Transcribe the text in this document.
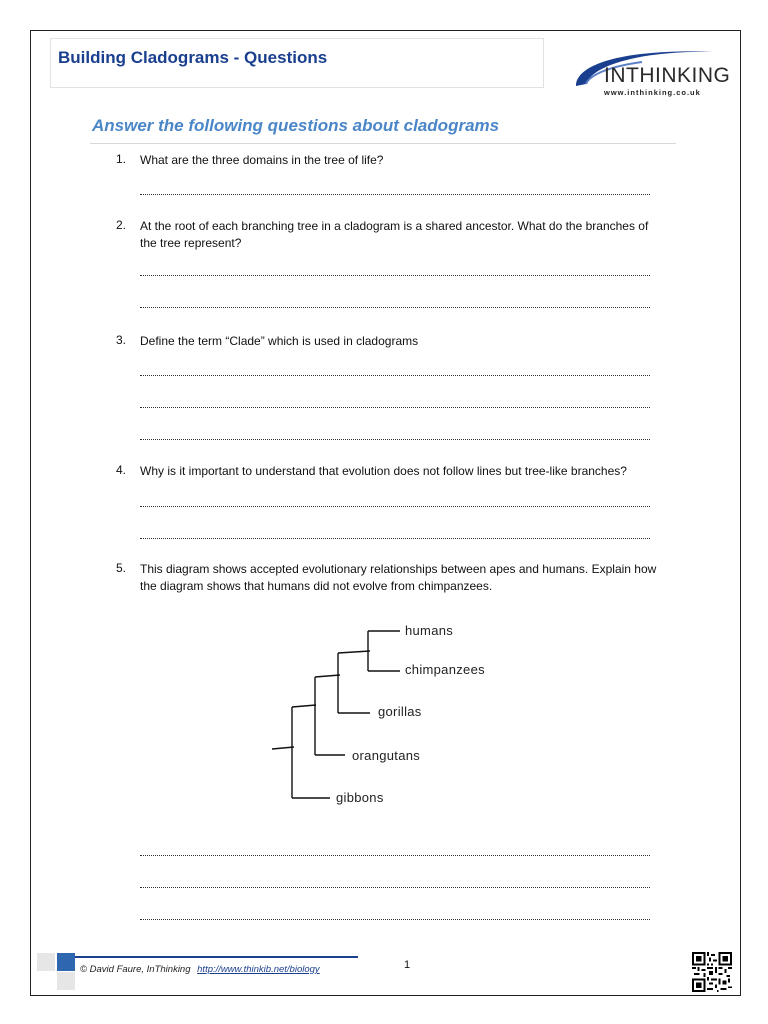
Building Cladograms - Questions
INTHINKING
www.inthinking.co.uk
Answer the following questions about cladograms
1. What are the three domains in the tree of life?
2. At the root of each branching tree in a cladogram is a shared ancestor. What do the branches of the tree represent?
3. Define the term “Clade” which is used in cladograms
4. Why is it important to understand that evolution does not follow lines but tree-like branches?
5. This diagram shows accepted evolutionary relationships between apes and humans. Explain how the diagram shows that humans did not evolve from chimpanzees.
humans
chimpanzees
gorillas
orangutans
gibbons
© David Faure, InThinking http://www.thinkib.net/biology	1
